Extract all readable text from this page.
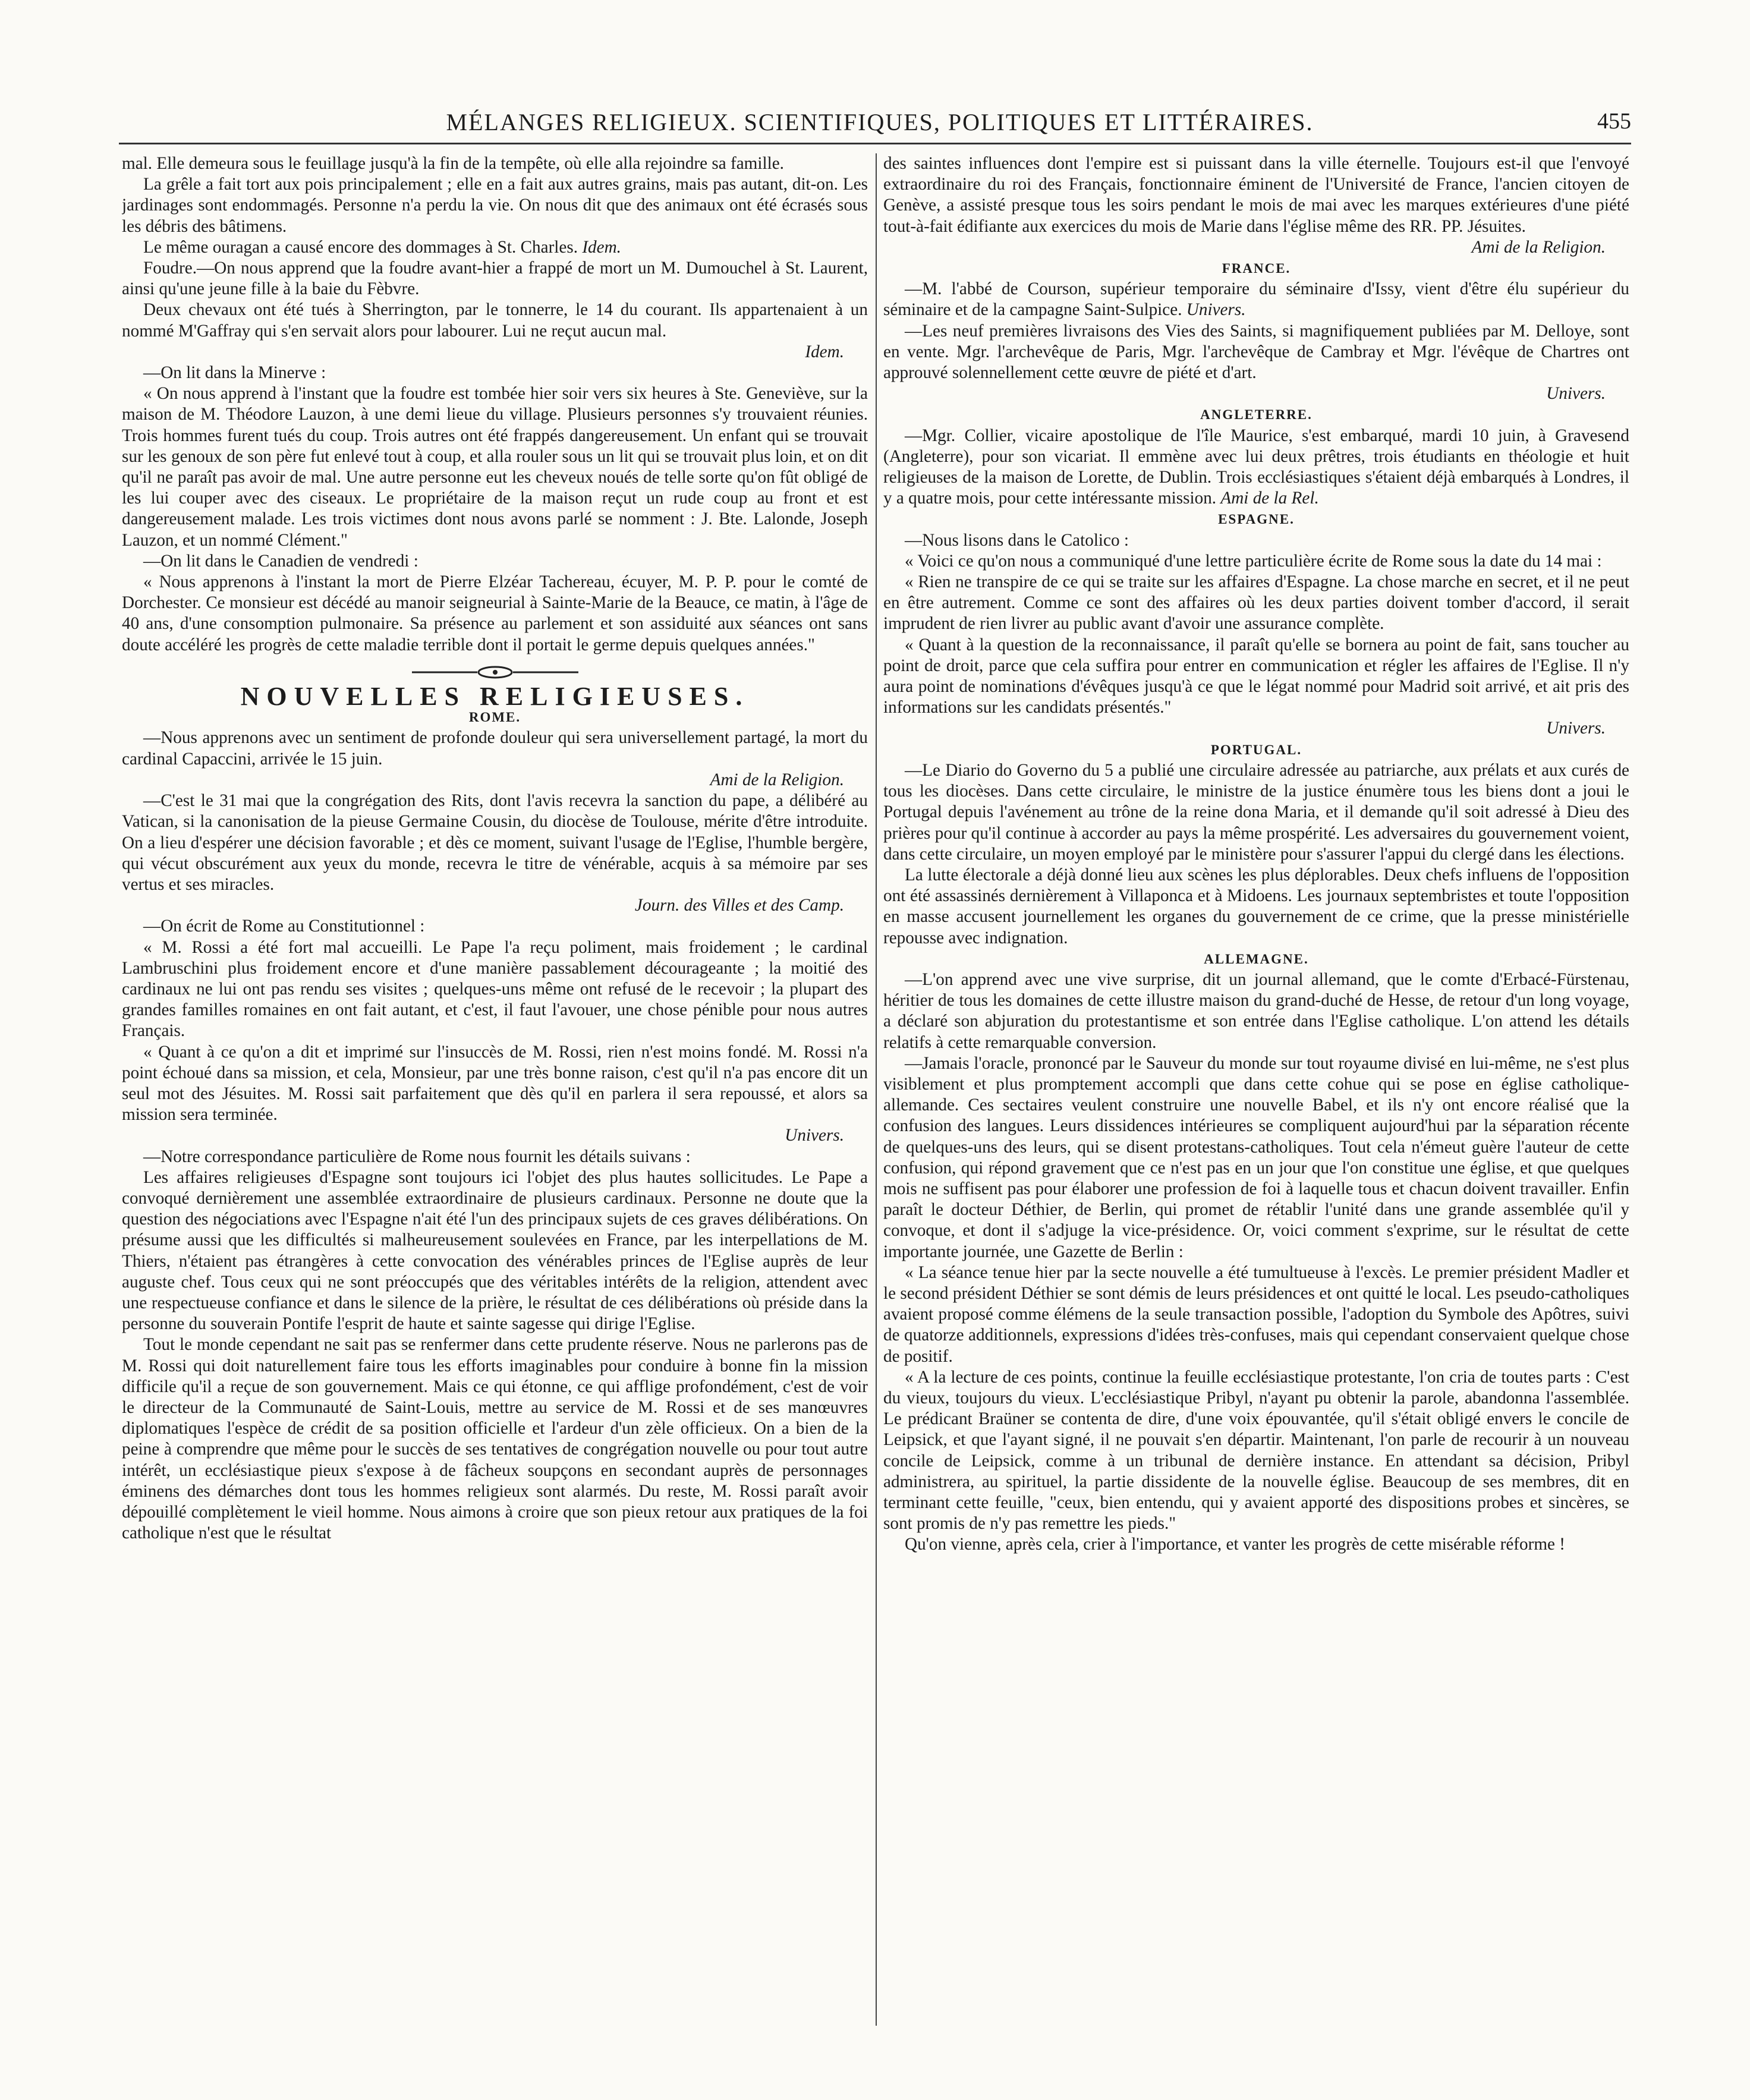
MÉLANGES RELIGIEUX. SCIENTIFIQUES, POLITIQUES ET LITTÉRAIRES.	455

mal. Elle demeura sous le feuillage jusqu'à la fin de la tempête, où elle alla rejoindre sa famille.

La grêle a fait tort aux pois principalement ; elle en a fait aux autres grains, mais pas autant, dit-on. Les jardinages sont endommagés. Personne n'a perdu la vie. On nous dit que des animaux ont été écrasés sous les débris des bâtimens.

Le même ouragan a causé encore des dommages à St. Charles. Idem.

Foudre.—On nous apprend que la foudre avant-hier a frappé de mort un M. Dumouchel à St. Laurent, ainsi qu'une jeune fille à la baie du Fèbvre.

Deux chevaux ont été tués à Sherrington, par le tonnerre, le 14 du courant. Ils appartenaient à un nommé M'Gaffray qui s'en servait alors pour labourer. Lui ne reçut aucun mal.

Idem.

—On lit dans la Minerve :

« On nous apprend à l'instant que la foudre est tombée hier soir vers six heures à Ste. Geneviève, sur la maison de M. Théodore Lauzon, à une demi lieue du village. Plusieurs personnes s'y trouvaient réunies. Trois hommes furent tués du coup. Trois autres ont été frappés dangereusement. Un enfant qui se trouvait sur les genoux de son père fut enlevé tout à coup, et alla rouler sous un lit qui se trouvait plus loin, et on dit qu'il ne paraît pas avoir de mal. Une autre personne eut les cheveux noués de telle sorte qu'on fût obligé de les lui couper avec des ciseaux. Le propriétaire de la maison reçut un rude coup au front et est dangereusement malade. Les trois victimes dont nous avons parlé se nomment : J. Bte. Lalonde, Joseph Lauzon, et un nommé Clément."

—On lit dans le Canadien de vendredi :

« Nous apprenons à l'instant la mort de Pierre Elzéar Tachereau, écuyer, M. P. P. pour le comté de Dorchester. Ce monsieur est décédé au manoir seigneurial à Sainte-Marie de la Beauce, ce matin, à l'âge de 40 ans, d'une consomption pulmonaire. Sa présence au parlement et son assiduité aux séances ont sans doute accéléré les progrès de cette maladie terrible dont il portait le germe depuis quelques années."

NOUVELLES RELIGIEUSES.
ROME.

—Nous apprenons avec un sentiment de profonde douleur qui sera universellement partagé, la mort du cardinal Capaccini, arrivée le 15 juin.

Ami de la Religion.

—C'est le 31 mai que la congrégation des Rits, dont l'avis recevra la sanction du pape, a délibéré au Vatican, si la canonisation de la pieuse Germaine Cousin, du diocèse de Toulouse, mérite d'être introduite. On a lieu d'espérer une décision favorable ; et dès ce moment, suivant l'usage de l'Eglise, l'humble bergère, qui vécut obscurément aux yeux du monde, recevra le titre de vénérable, acquis à sa mémoire par ses vertus et ses miracles.

Journ. des Villes et des Camp.

—On écrit de Rome au Constitutionnel :

« M. Rossi a été fort mal accueilli. Le Pape l'a reçu poliment, mais froidement ; le cardinal Lambruschini plus froidement encore et d'une manière passablement décourageante ; la moitié des cardinaux ne lui ont pas rendu ses visites ; quelques-uns même ont refusé de le recevoir ; la plupart des grandes familles romaines en ont fait autant, et c'est, il faut l'avouer, une chose pénible pour nous autres Français.

« Quant à ce qu'on a dit et imprimé sur l'insuccès de M. Rossi, rien n'est moins fondé. M. Rossi n'a point échoué dans sa mission, et cela, Monsieur, par une très bonne raison, c'est qu'il n'a pas encore dit un seul mot des Jésuites. M. Rossi sait parfaitement que dès qu'il en parlera il sera repoussé, et alors sa mission sera terminée.

Univers.

—Notre correspondance particulière de Rome nous fournit les détails suivans :

Les affaires religieuses d'Espagne sont toujours ici l'objet des plus hautes sollicitudes. Le Pape a convoqué dernièrement une assemblée extraordinaire de plusieurs cardinaux. Personne ne doute que la question des négociations avec l'Espagne n'ait été l'un des principaux sujets de ces graves délibérations. On présume aussi que les difficultés si malheureusement soulevées en France, par les interpellations de M. Thiers, n'étaient pas étrangères à cette convocation des vénérables princes de l'Eglise auprès de leur auguste chef. Tous ceux qui ne sont préoccupés que des véritables intérêts de la religion, attendent avec une respectueuse confiance et dans le silence de la prière, le résultat de ces délibérations où préside dans la personne du souverain Pontife l'esprit de haute et sainte sagesse qui dirige l'Eglise.

Tout le monde cependant ne sait pas se renfermer dans cette prudente réserve. Nous ne parlerons pas de M. Rossi qui doit naturellement faire tous les efforts imaginables pour conduire à bonne fin la mission difficile qu'il a reçue de son gouvernement. Mais ce qui étonne, ce qui afflige profondément, c'est de voir le directeur de la Communauté de Saint-Louis, mettre au service de M. Rossi et de ses manœuvres diplomatiques l'espèce de crédit de sa position officielle et l'ardeur d'un zèle officieux. On a bien de la peine à comprendre que même pour le succès de ses tentatives de congrégation nouvelle ou pour tout autre intérêt, un ecclésiastique pieux s'expose à de fâcheux soupçons en secondant auprès de personnages éminens des démarches dont tous les hommes religieux sont alarmés. Du reste, M. Rossi paraît avoir dépouillé complètement le vieil homme. Nous aimons à croire que son pieux retour aux pratiques de la foi catholique n'est que le résultat

des saintes influences dont l'empire est si puissant dans la ville éternelle. Toujours est-il que l'envoyé extraordinaire du roi des Français, fonctionnaire éminent de l'Université de France, l'ancien citoyen de Genève, a assisté presque tous les soirs pendant le mois de mai avec les marques extérieures d'une piété tout-à-fait édifiante aux exercices du mois de Marie dans l'église même des RR. PP. Jésuites.

Ami de la Religion.
FRANCE.

—M. l'abbé de Courson, supérieur temporaire du séminaire d'Issy, vient d'être élu supérieur du séminaire et de la campagne Saint-Sulpice. Univers.

—Les neuf premières livraisons des Vies des Saints, si magnifiquement publiées par M. Delloye, sont en vente. Mgr. l'archevêque de Paris, Mgr. l'archevêque de Cambray et Mgr. l'évêque de Chartres ont approuvé solennellement cette œuvre de piété et d'art.

Univers.
ANGLETERRE.

—Mgr. Collier, vicaire apostolique de l'île Maurice, s'est embarqué, mardi 10 juin, à Gravesend (Angleterre), pour son vicariat. Il emmène avec lui deux prêtres, trois étudiants en théologie et huit religieuses de la maison de Lorette, de Dublin. Trois ecclésiastiques s'étaient déjà embarqués à Londres, il y a quatre mois, pour cette intéressante mission. Ami de la Rel.

ESPAGNE.

—Nous lisons dans le Catolico :

« Voici ce qu'on nous a communiqué d'une lettre particulière écrite de Rome sous la date du 14 mai :

« Rien ne transpire de ce qui se traite sur les affaires d'Espagne. La chose marche en secret, et il ne peut en être autrement. Comme ce sont des affaires où les deux parties doivent tomber d'accord, il serait imprudent de rien livrer au public avant d'avoir une assurance complète.

« Quant à la question de la reconnaissance, il paraît qu'elle se bornera au point de fait, sans toucher au point de droit, parce que cela suffira pour entrer en communication et régler les affaires de l'Eglise. Il n'y aura point de nominations d'évêques jusqu'à ce que le légat nommé pour Madrid soit arrivé, et ait pris des informations sur les candidats présentés."

Univers.
PORTUGAL.

—Le Diario do Governo du 5 a publié une circulaire adressée au patriarche, aux prélats et aux curés de tous les diocèses. Dans cette circulaire, le ministre de la justice énumère tous les biens dont a joui le Portugal depuis l'avénement au trône de la reine dona Maria, et il demande qu'il soit adressé à Dieu des prières pour qu'il continue à accorder au pays la même prospérité. Les adversaires du gouvernement voient, dans cette circulaire, un moyen employé par le ministère pour s'assurer l'appui du clergé dans les élections.

La lutte électorale a déjà donné lieu aux scènes les plus déplorables. Deux chefs influens de l'opposition ont été assassinés dernièrement à Villaponca et à Midoens. Les journaux septembristes et toute l'opposition en masse accusent journellement les organes du gouvernement de ce crime, que la presse ministérielle repousse avec indignation.

ALLEMAGNE.

—L'on apprend avec une vive surprise, dit un journal allemand, que le comte d'Erbacé-Fürstenau, héritier de tous les domaines de cette illustre maison du grand-duché de Hesse, de retour d'un long voyage, a déclaré son abjuration du protestantisme et son entrée dans l'Eglise catholique. L'on attend les détails relatifs à cette remarquable conversion.

—Jamais l'oracle, prononcé par le Sauveur du monde sur tout royaume divisé en lui-même, ne s'est plus visiblement et plus promptement accompli que dans cette cohue qui se pose en église catholique-allemande. Ces sectaires veulent construire une nouvelle Babel, et ils n'y ont encore réalisé que la confusion des langues. Leurs dissidences intérieures se compliquent aujourd'hui par la séparation récente de quelques-uns des leurs, qui se disent protestans-catholiques. Tout cela n'émeut guère l'auteur de cette confusion, qui répond gravement que ce n'est pas en un jour que l'on constitue une église, et que quelques mois ne suffisent pas pour élaborer une profession de foi à laquelle tous et chacun doivent travailler. Enfin paraît le docteur Déthier, de Berlin, qui promet de rétablir l'unité dans une grande assemblée qu'il y convoque, et dont il s'adjuge la vice-présidence. Or, voici comment s'exprime, sur le résultat de cette importante journée, une Gazette de Berlin :

« La séance tenue hier par la secte nouvelle a été tumultueuse à l'excès. Le premier président Madler et le second président Déthier se sont démis de leurs présidences et ont quitté le local. Les pseudo-catholiques avaient proposé comme élémens de la seule transaction possible, l'adoption du Symbole des Apôtres, suivi de quatorze additionnels, expressions d'idées très-confuses, mais qui cependant conservaient quelque chose de positif.

« A la lecture de ces points, continue la feuille ecclésiastique protestante, l'on cria de toutes parts : C'est du vieux, toujours du vieux. L'ecclésiastique Pribyl, n'ayant pu obtenir la parole, abandonna l'assemblée. Le prédicant Braüner se contenta de dire, d'une voix épouvantée, qu'il s'était obligé envers le concile de Leipsick, et que l'ayant signé, il ne pouvait s'en départir. Maintenant, l'on parle de recourir à un nouveau concile de Leipsick, comme à un tribunal de dernière instance. En attendant sa décision, Pribyl administrera, au spirituel, la partie dissidente de la nouvelle église. Beaucoup de ses membres, dit en terminant cette feuille, "ceux, bien entendu, qui y avaient apporté des dispositions probes et sincères, se sont promis de n'y pas remettre les pieds."

Qu'on vienne, après cela, crier à l'importance, et vanter les progrès de cette misérable réforme !
